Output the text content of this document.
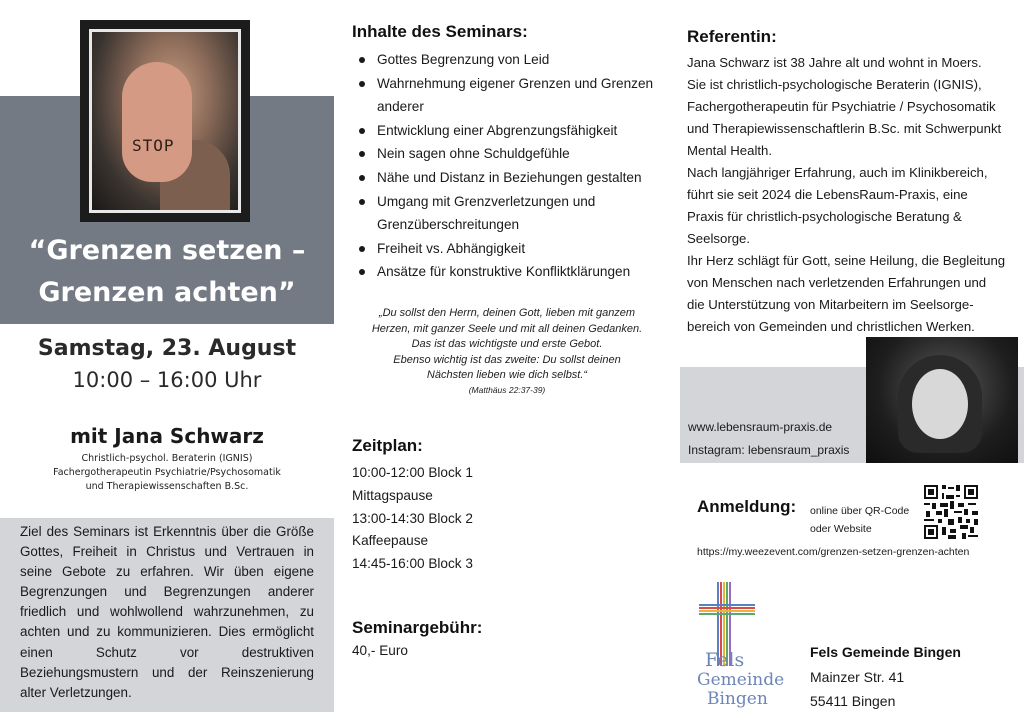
STOP
“Grenzen setzen –
Grenzen achten”
Samstag, 23. August
10:00 – 16:00 Uhr
mit Jana Schwarz
Christlich-psychol. Beraterin (IGNIS)
Fachergotherapeutin Psychiatrie/Psychosomatik
und Therapiewissenschaften B.Sc.

Ziel des Seminars ist Erkenntnis über die Größe Gottes, Freiheit in Christus und Vertrauen in seine Gebote zu erfahren. Wir üben eigene Begrenzungen und Begrenzungen anderer friedlich und wohlwollend wahrzunehmen, zu achten und zu kommunizieren. Dies ermöglicht einen Schutz vor destruktiven Beziehungsmustern und der Reinszenierung alter Verletzungen.

Inhalte des Seminars:
Gottes Begrenzung von Leid
Wahrnehmung eigener Grenzen und Grenzen anderer
Entwicklung einer Abgrenzungsfähigkeit
Nein sagen ohne Schuldgefühle
Nähe und Distanz in Beziehungen gestalten
Umgang mit Grenzverletzungen und Grenzüberschreitungen
Freiheit vs. Abhängigkeit
Ansätze für konstruktive Konfliktklärungen
„Du sollst den Herrn, deinen Gott, lieben mit ganzem
Herzen, mit ganzer Seele und mit all deinen Gedanken.
Das ist das wichtigste und erste Gebot.
Ebenso wichtig ist das zweite: Du sollst deinen
Nächsten lieben wie dich selbst.“
(Matthäus 22:37-39)
Zeitplan:
10:00-12:00 Block 1
Mittagspause
13:00-14:30 Block 2
Kaffeepause
14:45-16:00 Block 3
Seminargebühr:
40,- Euro
Referentin:

Jana Schwarz ist 38 Jahre alt und wohnt in Moers.

Sie ist christlich-psychologische Beraterin (IGNIS),

Fachergotherapeutin für Psychiatrie / Psychosomatik

und Therapiewissenschaftlerin B.Sc. mit Schwerpunkt

Mental Health.

Nach langjähriger Erfahrung, auch im Klinikbereich,

führt sie seit 2024 die LebensRaum-Praxis, eine

Praxis für christlich-psychologische Beratung &

Seelsorge.

Ihr Herz schlägt für Gott, seine Heilung, die Begleitung

von Menschen nach verletzenden Erfahrungen und

die Unterstützung von Mitarbeitern im Seelsorge-

bereich von Gemeinden und christlichen Werken.

www.lebensraum-praxis.de
Instagram: lebensraum_praxis
Anmeldung: online über QR-Code
oder Website
https://my.weezevent.com/grenzen-setzen-grenzen-achten
Fels
Gemeinde
Bingen
Fels Gemeinde Bingen
Mainzer Str. 41
55411 Bingen
